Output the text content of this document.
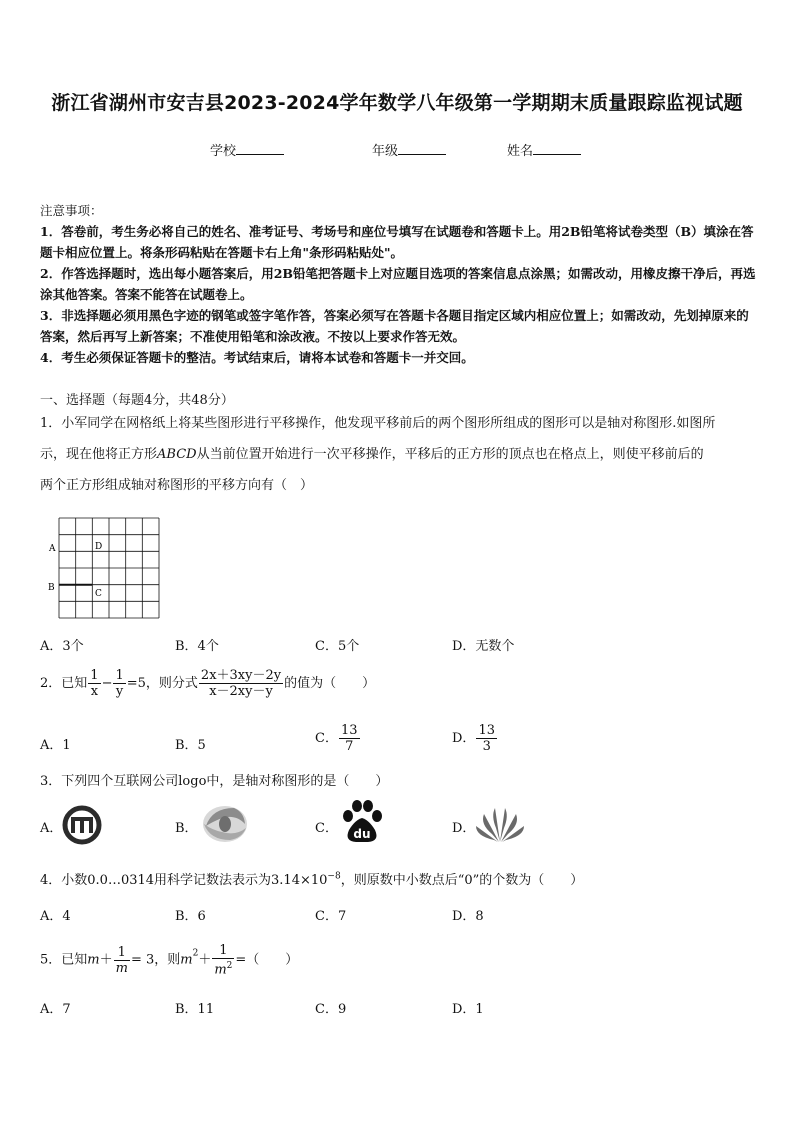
浙江省湖州市安吉县2023-2024学年数学八年级第一学期期末质量跟踪监视试题
学校	年级	姓名

注意事项：

1．答卷前，考生务必将自己的姓名、准考证号、考场号和座位号填写在试题卷和答题卡上。用2B铅笔将试卷类型（B）填涂在答题卡相应位置上。将条形码粘贴在答题卡右上角"条形码粘贴处"。

2．作答选择题时，选出每小题答案后，用2B铅笔把答题卡上对应题目选项的答案信息点涂黑；如需改动，用橡皮擦干净后，再选涂其他答案。答案不能答在试题卷上。

3．非选择题必须用黑色字迹的钢笔或签字笔作答，答案必须写在答题卡各题目指定区域内相应位置上；如需改动，先划掉原来的答案，然后再写上新答案；不准使用铅笔和涂改液。不按以上要求作答无效。

4．考生必须保证答题卡的整洁。考试结束后，请将本试卷和答题卡一并交回。

一、选择题（每题4分，共48分）
1．小军同学在网格纸上将某些图形进行平移操作，他发现平移前后的两个图形所组成的图形可以是轴对称图形.如图所
示，现在他将正方形ABCD从当前位置开始进行一次平移操作，平移后的正方形的顶点也在格点上，则使平移前后的
两个正方形组成轴对称图形的平移方向有（　）
A	D
B
C
A．3个	B．4个	C．5个	D．无数个
2．已知 $\frac{1}{x} - \frac{1}{y} =5$，则分式 $\frac{2x+3xy-2y}{x-2xy-y}$ 的值为（　　）
A．1	B．5	C． $\frac{13}{7}$	D． $\frac{13}{3}$
3．下列四个互联网公司logo中，是轴对称图形的是（　　）
A．	B．	C． du	D．
4．小数0.0…0314用科学记数法表示为$3.14\times 10^{-8}$，则原数中小数点后“0”的个数为（　　）
A．4	B．6	C．7	D．8
5．已知$m+ \frac{1}{m} = 3$，则$m^2+ \frac{1}{m^2}$ =（　　）
A．7	B．11	C．9	D．1
